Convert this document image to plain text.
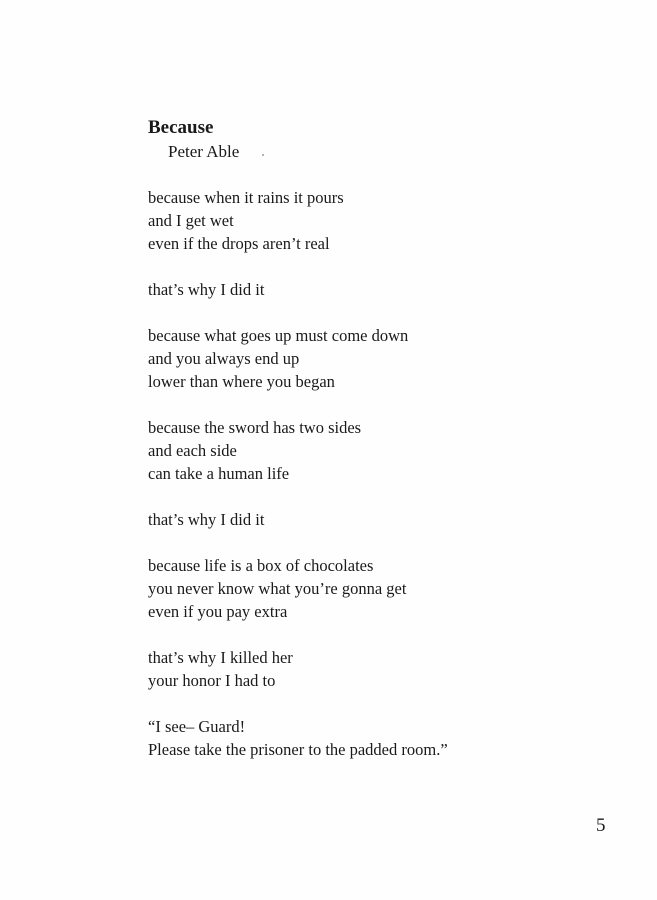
Because

Peter Able

because when it rains it pours
and I get wet
even if the drops aren’t real
that’s why I did it
because what goes up must come down
and you always end up
lower than where you began
because the sword has two sides
and each side
can take a human life
that’s why I did it
because life is a box of chocolates
you never know what you’re gonna get
even if you pay extra
that’s why I killed her
your honor I had to
“I see– Guard!
Please take the prisoner to the padded room.”
5
